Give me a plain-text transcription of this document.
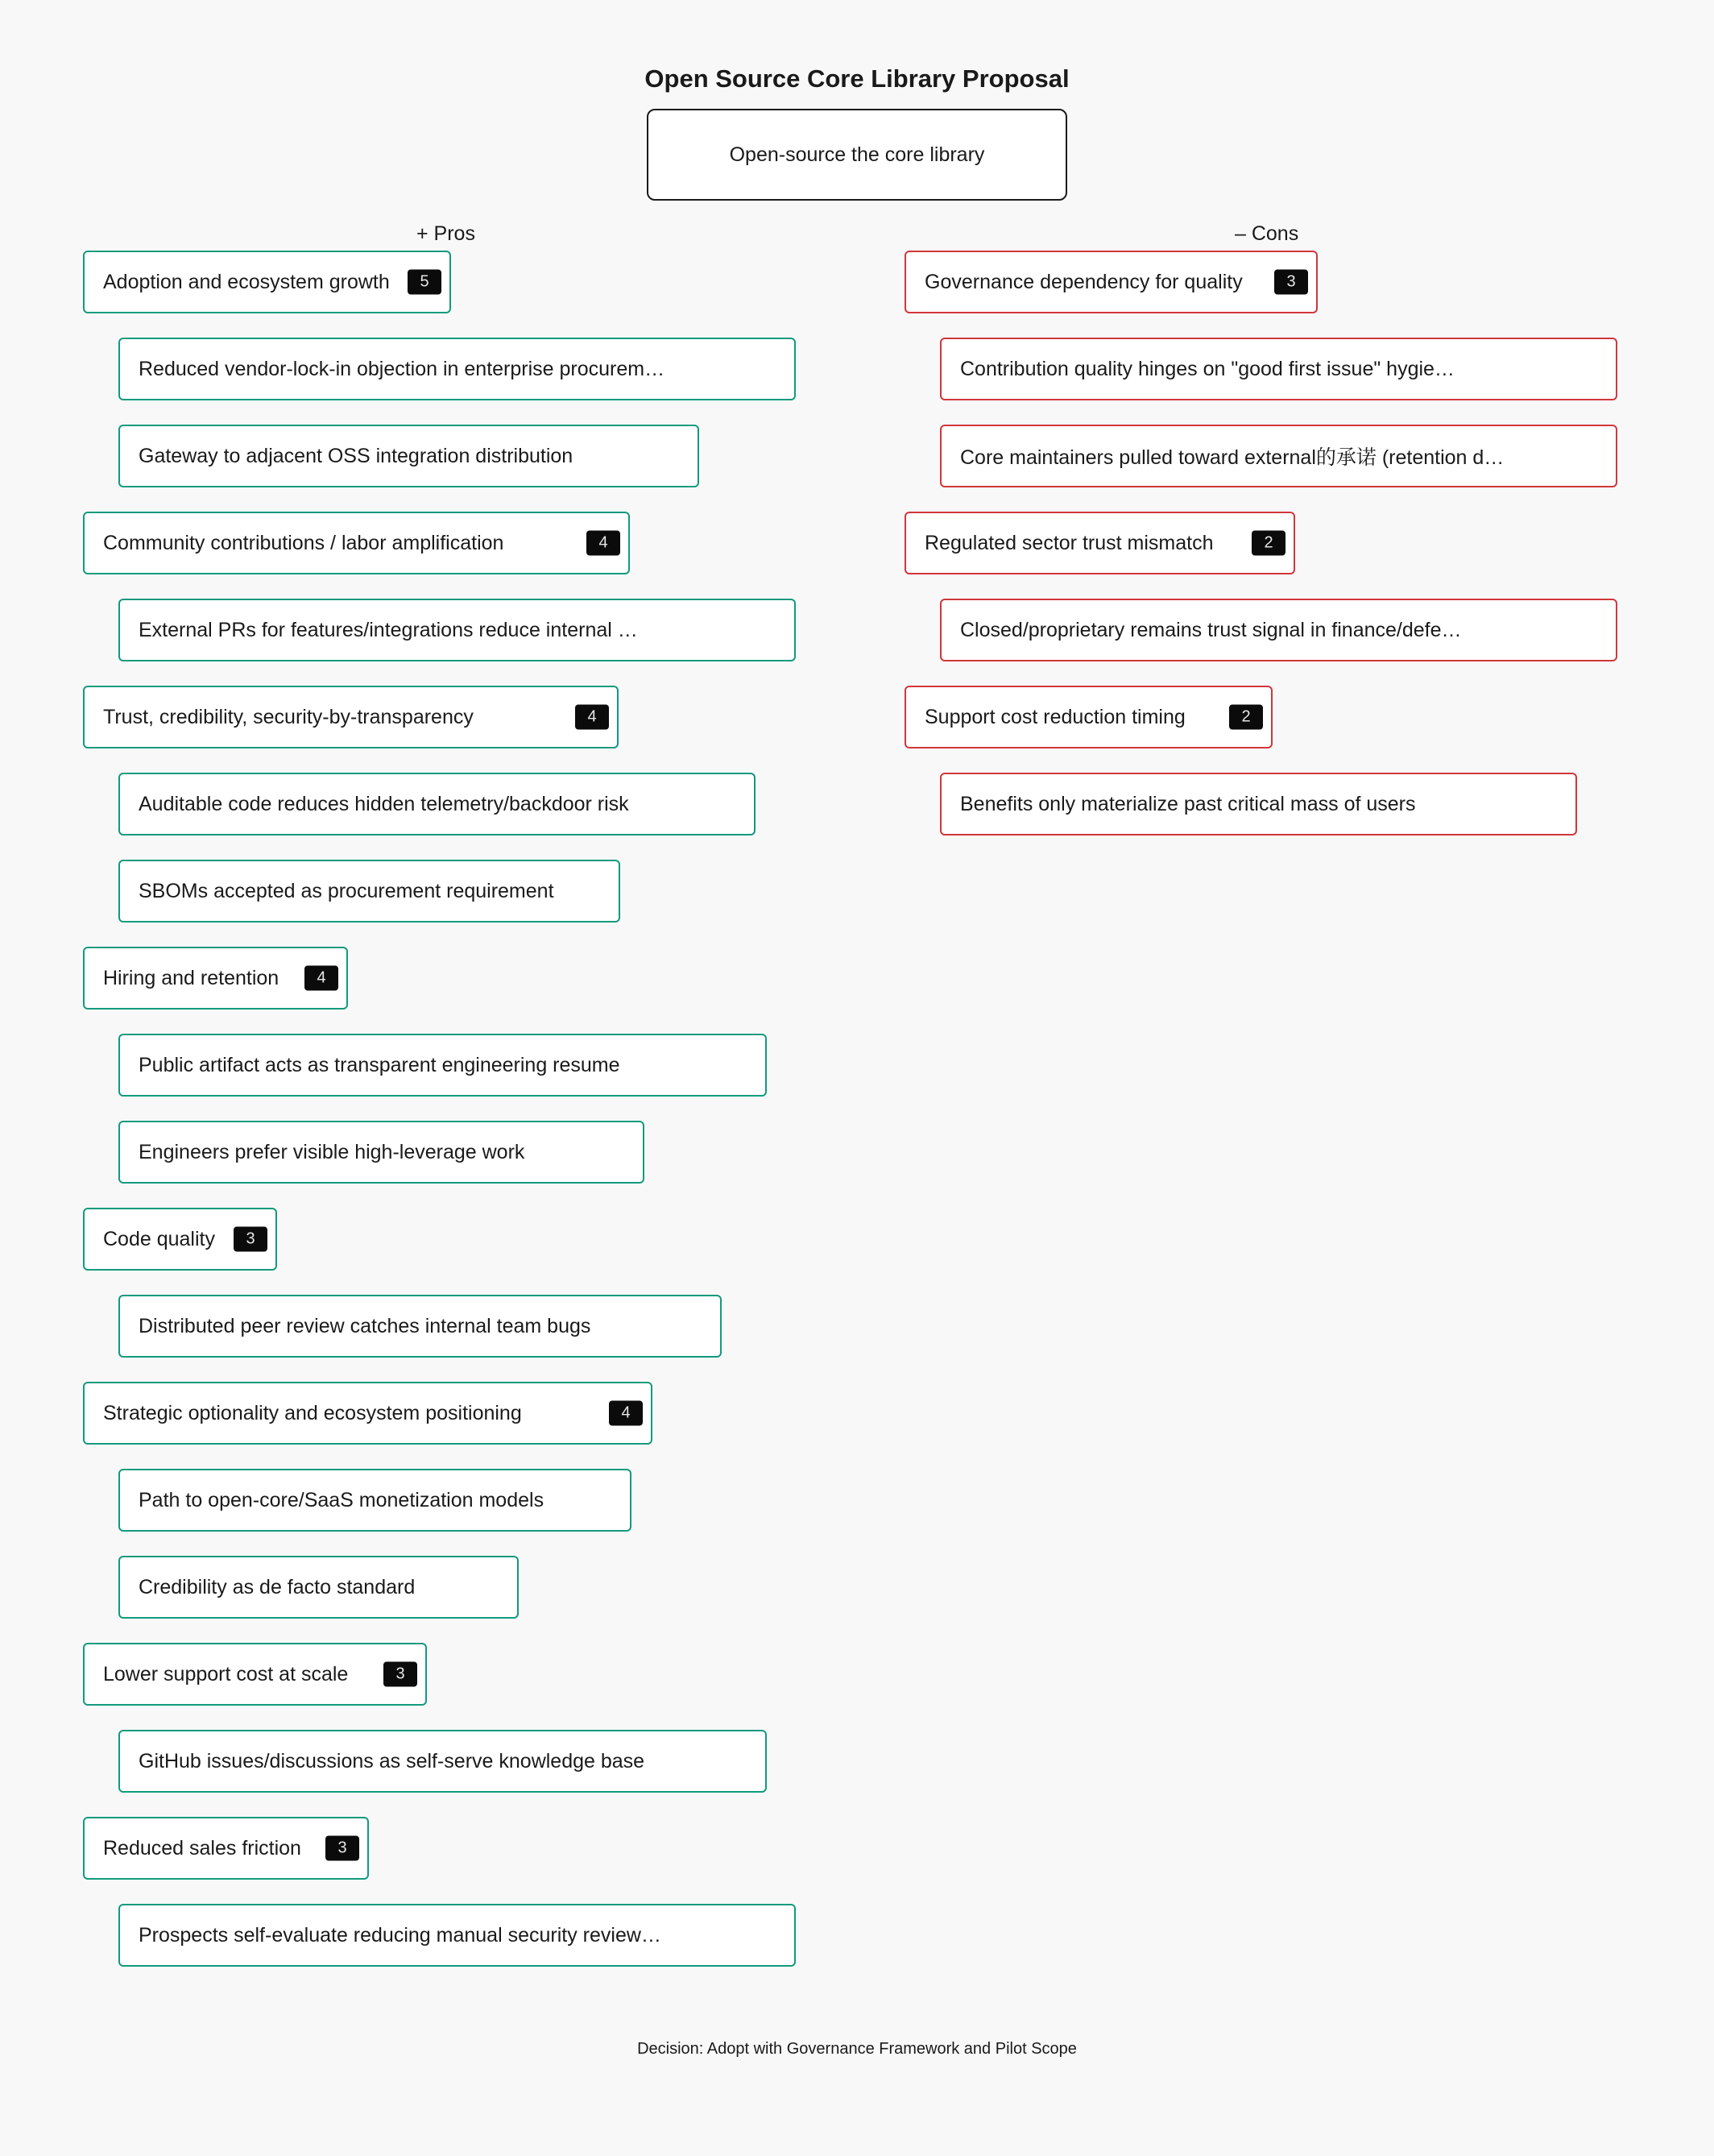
Open Source Core Library Proposal
Open-source the core library
+ Pros	– Cons
Adoption and ecosystem growth	5
Reduced vendor-lock-in objection in enterprise procurem…
Gateway to adjacent OSS integration distribution
Community contributions / labor amplification	4
External PRs for features/integrations reduce internal …
Trust, credibility, security-by-transparency	4
Auditable code reduces hidden telemetry/backdoor risk
SBOMs accepted as procurement requirement
Hiring and retention	4
Public artifact acts as transparent engineering resume
Engineers prefer visible high-leverage work
Code quality	3
Distributed peer review catches internal team bugs
Strategic optionality and ecosystem positioning	4
Path to open-core/SaaS monetization models
Credibility as de facto standard
Lower support cost at scale	3
GitHub issues/discussions as self-serve knowledge base
Reduced sales friction	3
Prospects self-evaluate reducing manual security review…
Governance dependency for quality	3
Contribution quality hinges on "good first issue" hygie…
Core maintainers pulled toward external的承诺 (retention d…
Regulated sector trust mismatch	2
Closed/proprietary remains trust signal in finance/defe…
Support cost reduction timing	2
Benefits only materialize past critical mass of users
Decision: Adopt with Governance Framework and Pilot Scope
